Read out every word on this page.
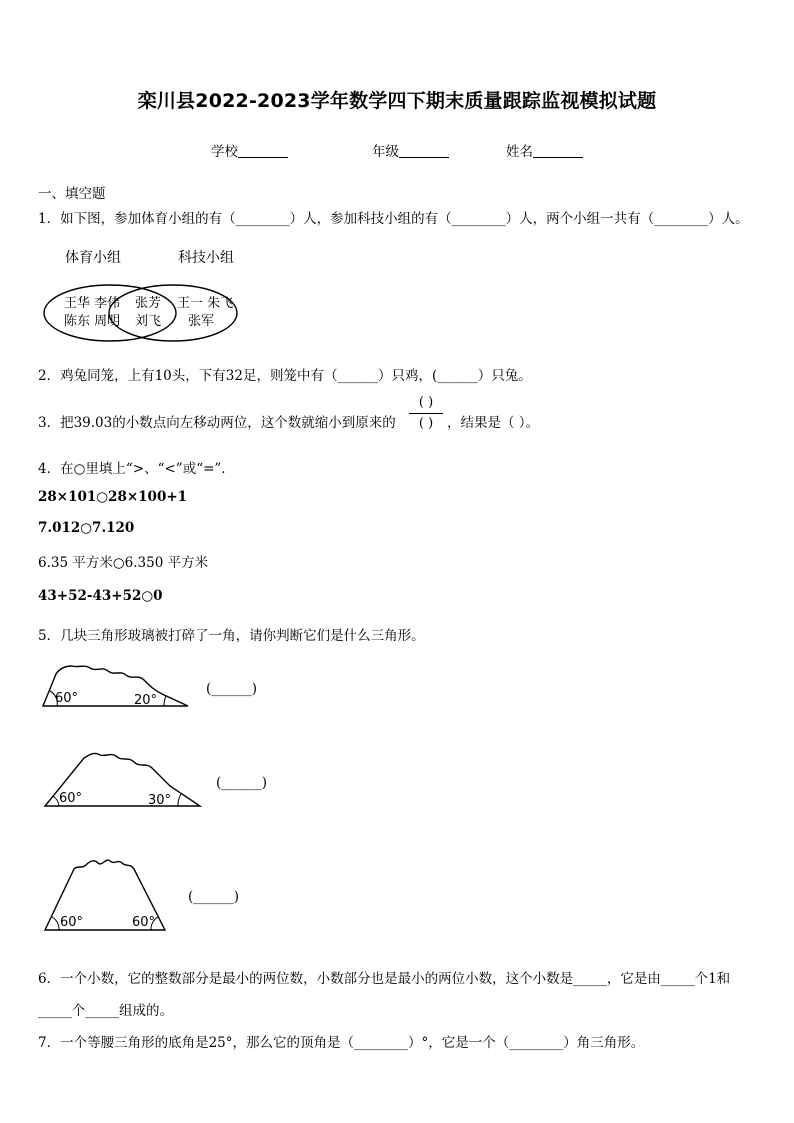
栾川县2022-2023学年数学四下期末质量跟踪监视模拟试题
学校	年级	姓名
一、填空题
1．如下图，参加体育小组的有（________）人，参加科技小组的有（________）人，两个小组一共有（________）人。
体育小组	科技小组
王华 李伟
陈东 周明
张芳
刘飞
王一 朱飞
张军
2．鸡兔同笼，上有10头，下有32足，则笼中有（______）只鸡，(______）只兔。
3．把39.03的小数点向左移动两位，这个数就缩小到原来的
( )
( )	，结果是（ ）。
4．在○里填上“>、“<”或“=”.
28×101○28×100+1
7.012○7.120
6.35 平方米○6.350 平方米
43+52-43+52○0
5．几块三角形玻璃被打碎了一角，请你判断它们是什么三角形。
60°	20°
(______)
60°	30°
(______)
60°	60°
(______)
6．一个小数，它的整数部分是最小的两位数，小数部分也是最小的两位小数，这个小数是_____，它是由_____个1和
_____个_____组成的。
7．一个等腰三角形的底角是25°，那么它的顶角是（________）°，它是一个（________）角三角形。
